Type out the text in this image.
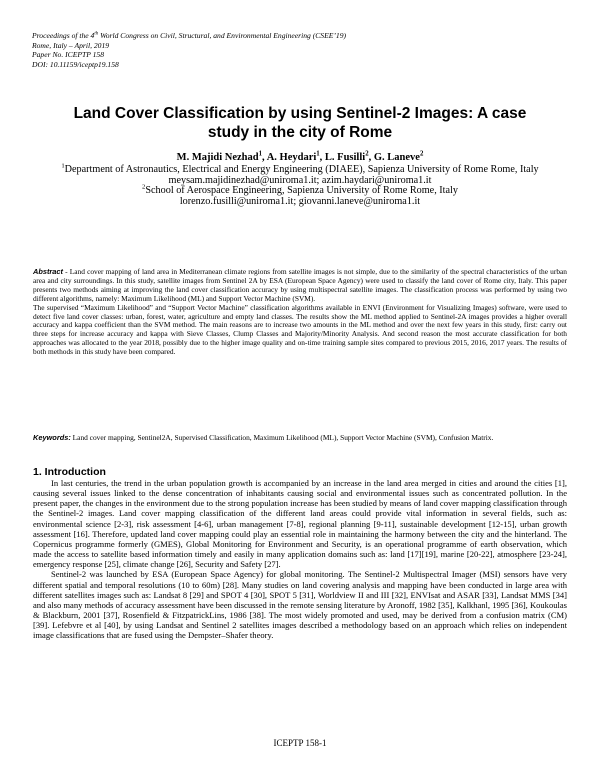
Proceedings of the 4th World Congress on Civil, Structural, and Environmental Engineering (CSEE’19)
Rome, Italy – April, 2019
Paper No. ICEPTP 158
DOI: 10.11159/iceptp19.158
Land Cover Classification by using Sentinel-2 Images: A case study in the city of Rome
M. Majidi Nezhad$^1$, A. Heydari$^1$, L. Fusilli$^2$, G. Laneve$^2$
$^1$Department of Astronautics, Electrical and Energy Engineering (DIAEE), Sapienza University of Rome Rome, Italy
meysam.majidinezhad@uniroma1.it; azim.haydari@uniroma1.it
$^2$School of Aerospace Engineering, Sapienza University of Rome Rome, Italy
lorenzo.fusilli@uniroma1.it; giovanni.laneve@uniroma1.it

Abstract - Land cover mapping of land area in Mediterranean climate regions from satellite images is not simple, due to the similarity of the spectral characteristics of the urban area and city surroundings. In this study, satellite images from Sentinel 2A by ESA (European Space Agency) were used to classify the land cover of Rome city, Italy. This paper presents two methods aiming at improving the land cover classification accuracy by using multispectral satellite images. The classification process was performed by using two different algorithms, namely: Maximum Likelihood (ML) and Support Vector Machine (SVM).

The supervised “Maximum Likelihood” and “Support Vector Machine” classification algorithms available in ENVI (Environment for Visualizing Images) software, were used to detect five land cover classes: urban, forest, water, agriculture and empty land classes. The results show the ML method applied to Sentinel-2A images provides a higher overall accuracy and kappa coefficient than the SVM method. The main reasons are to increase two amounts in the ML method and over the next few years in this study, first: carry out three steps for increase accuracy and kappa with Sieve Classes, Clump Classes and Majority/Minority Analysis. And second reason the most accurate classification for both approaches was allocated to the year 2018, possibly due to the higher image quality and on-time training sample sites compared to previous 2015, 2016, 2017 years. The results of both methods in this study have been compared.

Keywords: Land cover mapping, Sentinel2A, Supervised Classification, Maximum Likelihood (ML), Support Vector Machine (SVM), Confusion Matrix.
1. Introduction

In last centuries, the trend in the urban population growth is accompanied by an increase in the land area merged in cities and around the cities [1], causing several issues linked to the dense concentration of inhabitants causing social and environmental issues such as concentrated pollution. In the present paper, the changes in the environment due to the strong population increase has been studied by means of land cover mapping classification through the Sentinel-2 images. Land cover mapping classification of the different land areas could provide vital information in several fields, such as: environmental science [2-3], risk assessment [4-6], urban management [7-8], regional planning [9-11], sustainable development [12-15], urban growth assessment [16]. Therefore, updated land cover mapping could play an essential role in maintaining the harmony between the city and the hinterland. The Copernicus programme formerly (GMES), Global Monitoring for Environment and Security, is an operational programme of earth observation, which made the access to satellite based information timely and easily in many application domains such as: land [17][19], marine [20-22], atmosphere [23-24], emergency response [25], climate change [26], Security and Safety [27].

Sentinel-2 was launched by ESA (European Space Agency) for global monitoring. The Sentinel-2 Multispectral Imager (MSI) sensors have very different spatial and temporal resolutions (10 to 60m) [28]. Many studies on land covering analysis and mapping have been conducted in large area with different satellites images such as: Landsat 8 [29] and SPOT 4 [30], SPOT 5 [31], Worldview II and III [32], ENVIsat and ASAR [33], Landsat MMS [34] and also many methods of accuracy assessment have been discussed in the remote sensing literature by Aronoff, 1982 [35], Kalkhanl, 1995 [36], Koukoulas & Blackburn, 2001 [37], Rosenfield & FitzpatrickLins, 1986 [38]. The most widely promoted and used, may be derived from a confusion matrix (CM) [39]. Lefebvre et al [40], by using Landsat and Sentinel 2 satellites images described a methodology based on an approach which relies on independent image classifications that are fused using the Dempster–Shafer theory.

ICEPTP 158-1
